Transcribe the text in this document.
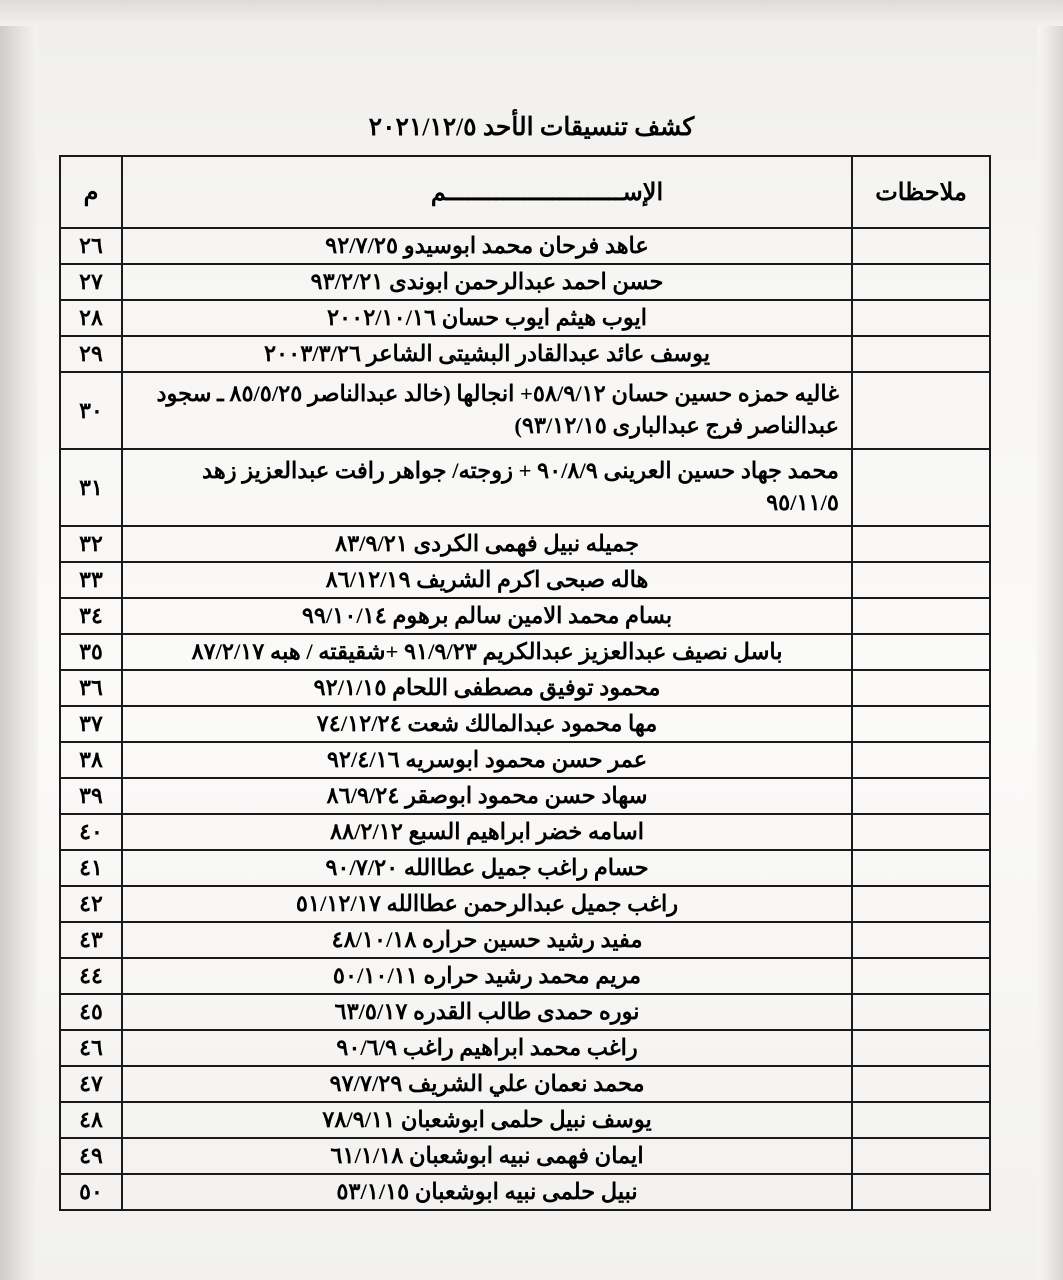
كشف تنسيقات الأحد ٢٠٢١/١٢/٥
ملاحظات	الإســـــــــــــــــــــــــم	م
	عاهد فرحان محمد ابوسيدو ٩٢/٧/٢٥	٢٦
	حسن احمد عبدالرحمن ابوندى ٩٣/٢/٢١	٢٧
	ايوب هيثم ايوب حسان ٢٠٠٢/١٠/١٦	٢٨
	يوسف عائد عبدالقادر البشيتى الشاعر ٢٠٠٣/٣/٢٦	٢٩
	غاليه حمزه حسين حسان ٥٨/٩/١٢+ انجالها (خالد عبدالناصر ٨٥/٥/٢٥ ـ سجود عبدالناصر فرج عبدالبارى ٩٣/١٢/١٥)	٣٠
	محمد جهاد حسين العرينى ٩٠/٨/٩ + زوجته/ جواهر رافت عبدالعزيز زهد ٩٥/١١/٥	٣١
	جميله نبيل فهمى الكردى ٨٣/٩/٢١	٣٢
	هاله صبحى اكرم الشريف ٨٦/١٢/١٩	٣٣
	بسام محمد الامين سالم برهوم ٩٩/١٠/١٤	٣٤
	باسل نصيف عبدالعزيز عبدالكريم ٩١/٩/٢٣ +شقيقته / هبه ٨٧/٢/١٧	٣٥
	محمود توفيق مصطفى اللحام ٩٢/١/١٥	٣٦
	مها محمود عبدالمالك شعت ٧٤/١٢/٢٤	٣٧
	عمر حسن محمود ابوسريه ٩٢/٤/١٦	٣٨
	سهاد حسن محمود ابوصقر ٨٦/٩/٢٤	٣٩
	اسامه خضر ابراهيم السبع ٨٨/٢/١٢	٤٠
	حسام راغب جميل عطاالله ٩٠/٧/٢٠	٤١
	راغب جميل عبدالرحمن عطاالله ٥١/١٢/١٧	٤٢
	مفيد رشيد حسين حراره ٤٨/١٠/١٨	٤٣
	مريم محمد رشيد حراره ٥٠/١٠/١١	٤٤
	نوره حمدى طالب القدره ٦٣/٥/١٧	٤٥
	راغب محمد ابراهيم راغب ٩٠/٦/٩	٤٦
	محمد نعمان علي الشريف ٩٧/٧/٢٩	٤٧
	يوسف نبيل حلمى ابوشعبان ٧٨/٩/١١	٤٨
	ايمان فهمى نبيه ابوشعبان ٦١/١/١٨	٤٩
	نبيل حلمى نبيه ابوشعبان ٥٣/١/١٥	٥٠
